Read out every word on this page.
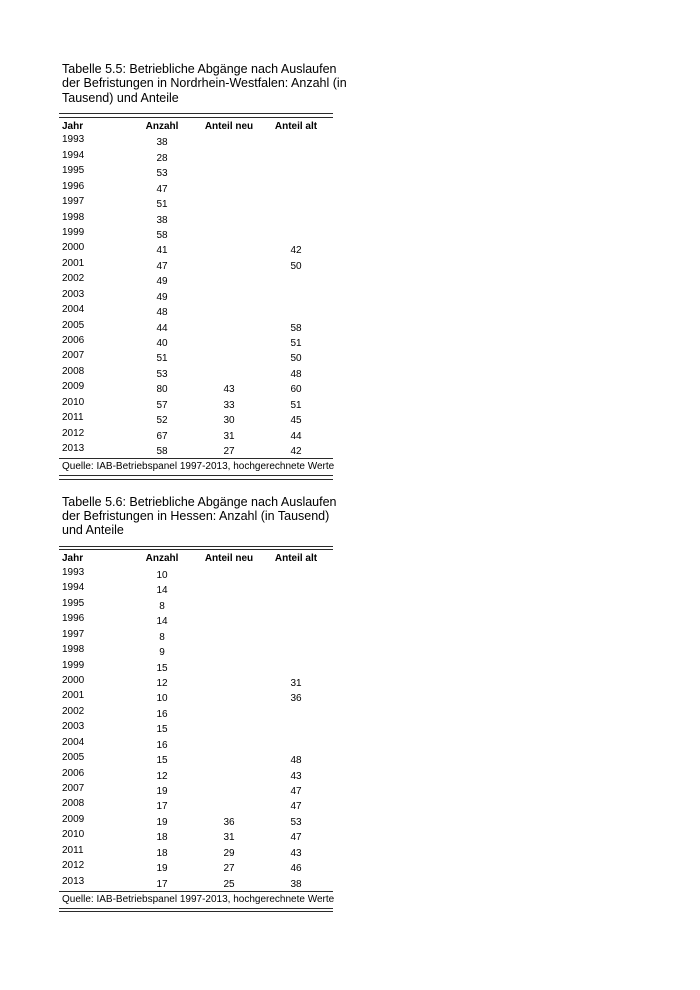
Tabelle 5.5: Betriebliche Abgänge nach Auslaufen
der Befristungen in Nordrhein-Westfalen: Anzahl (in
Tausend) und Anteile
Jahr	Anzahl	Anteil neu	Anteil alt
1993	38		
1994	28		
1995	53		
1996	47		
1997	51		
1998	38		
1999	58		
2000	41		42
2001	47		50
2002	49		
2003	49		
2004	48		
2005	44		58
2006	40		51
2007	51		50
2008	53		48
2009	80	43	60
2010	57	33	51
2011	52	30	45
2012	67	31	44
2013	58	27	42
Quelle: IAB-Betriebspanel 1997-2013, hochgerechnete Werte
Tabelle 5.6: Betriebliche Abgänge nach Auslaufen
der Befristungen in Hessen: Anzahl (in Tausend)
und Anteile
Jahr	Anzahl	Anteil neu	Anteil alt
1993	10		
1994	14		
1995	8		
1996	14		
1997	8		
1998	9		
1999	15		
2000	12		31
2001	10		36
2002	16		
2003	15		
2004	16		
2005	15		48
2006	12		43
2007	19		47
2008	17		47
2009	19	36	53
2010	18	31	47
2011	18	29	43
2012	19	27	46
2013	17	25	38
Quelle: IAB-Betriebspanel 1997-2013, hochgerechnete Werte
